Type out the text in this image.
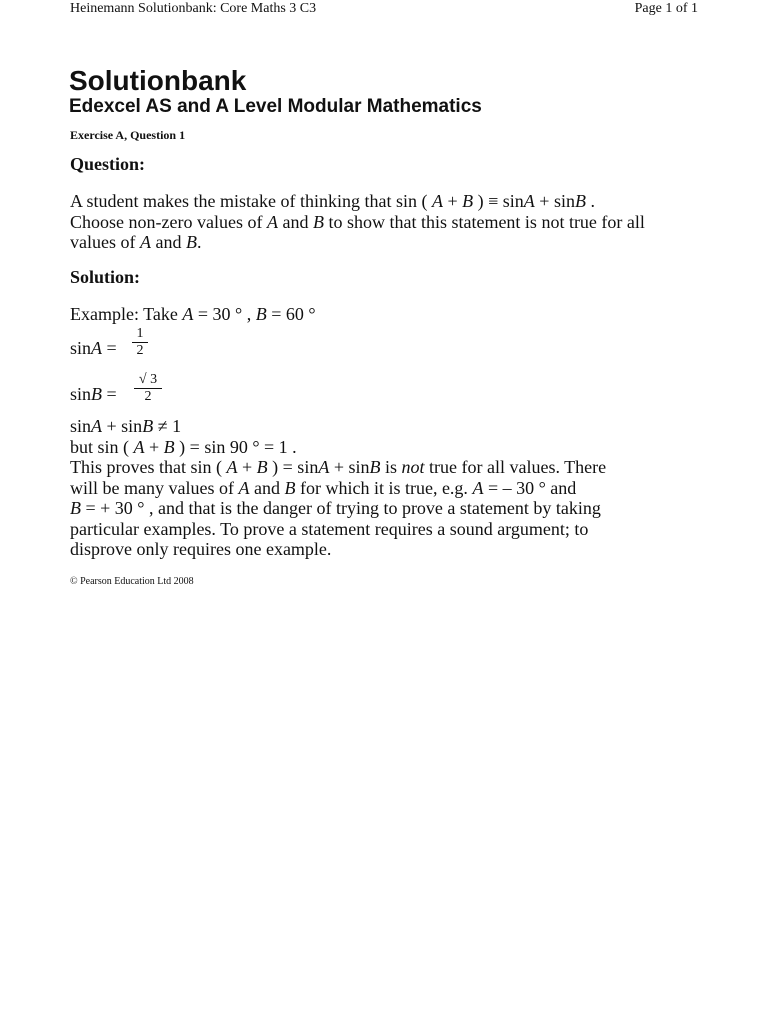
Heinemann Solutionbank: Core Maths 3 C3	Page 1 of 1
Solutionbank
Edexcel AS and A Level Modular Mathematics
Exercise A, Question 1
Question:
A student makes the mistake of thinking that sin ( A + B ) ≡ sinA + sinB .
Choose non-zero values of A and B to show that this statement is not true for all
values of A and B.
Solution:
Example: Take A = 30 ° , B = 60 °
sinA =
1
2
sinB =
√ 3
2
sinA + sinB ≠ 1
but sin ( A + B ) = sin 90 ° = 1 .
This proves that sin ( A + B ) = sinA + sinB is not true for all values. There
will be many values of A and B for which it is true, e.g. A = – 30 ° and
B = + 30 ° , and that is the danger of trying to prove a statement by taking
particular examples. To prove a statement requires a sound argument; to
disprove only requires one example.
© Pearson Education Ltd 2008
